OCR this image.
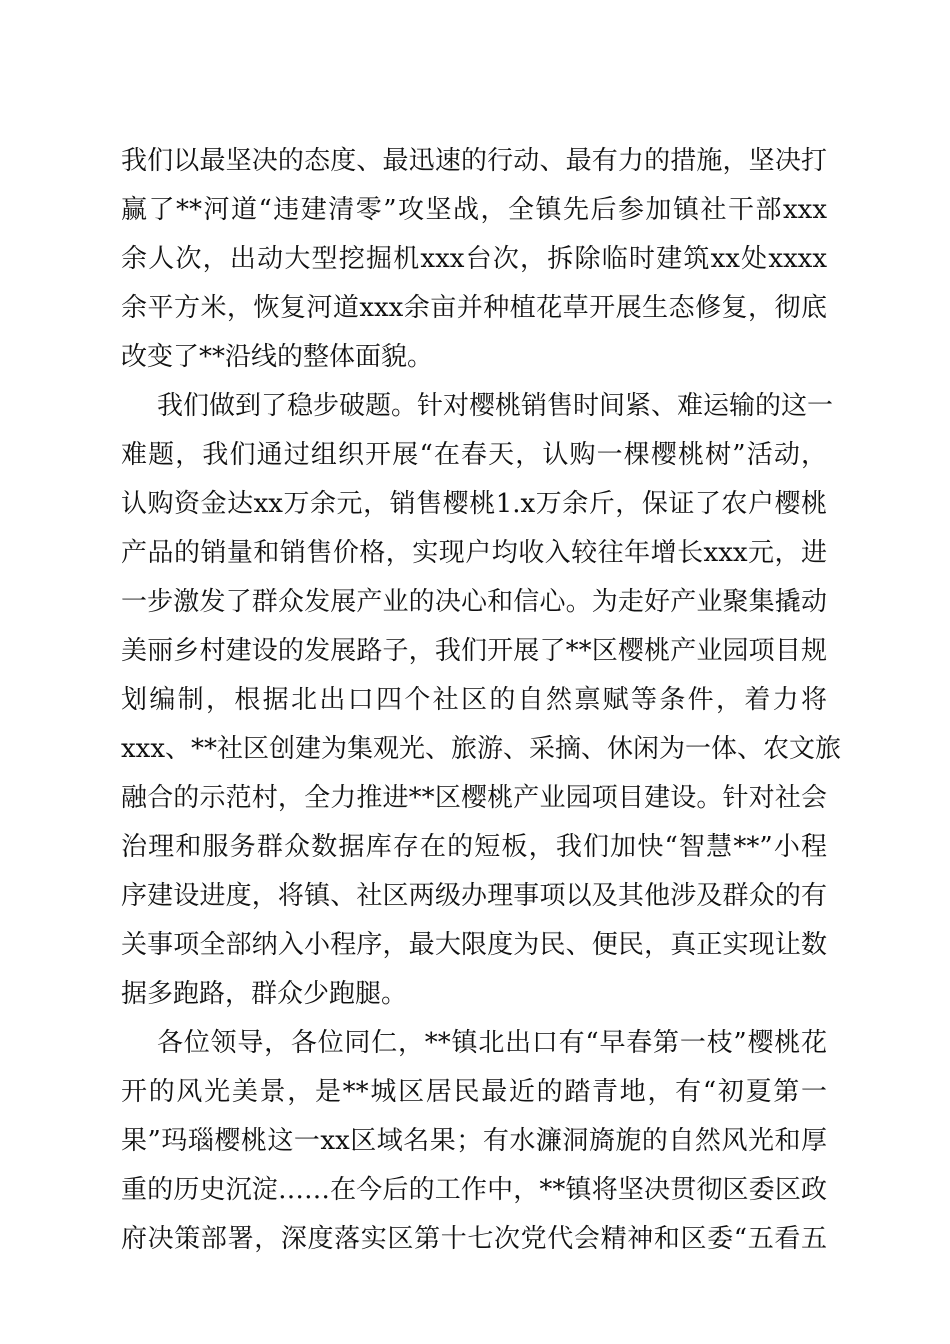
我们以最坚决的态度、最迅速的行动、最有力的措施，坚决打
赢了**河道“违建清零”攻坚战，全镇先后参加镇社干部xxx
余人次，出动大型挖掘机xxx台次，拆除临时建筑xx处xxxx
余平方米，恢复河道xxx余亩并种植花草开展生态修复，彻底
改变了**沿线的整体面貌。
我们做到了稳步破题。针对樱桃销售时间紧、难运输的这一
难题，我们通过组织开展“在春天，认购一棵樱桃树”活动，
认购资金达xx万余元，销售樱桃1.x万余斤，保证了农户樱桃
产品的销量和销售价格，实现户均收入较往年增长xxx元，进
一步激发了群众发展产业的决心和信心。为走好产业聚集撬动
美丽乡村建设的发展路子，我们开展了**区樱桃产业园项目规
划编制，根据北出口四个社区的自然禀赋等条件，着力将
xxx、**社区创建为集观光、旅游、采摘、休闲为一体、农文旅
融合的示范村，全力推进**区樱桃产业园项目建设。针对社会
治理和服务群众数据库存在的短板，我们加快“智慧**”小程
序建设进度，将镇、社区两级办理事项以及其他涉及群众的有
关事项全部纳入小程序，最大限度为民、便民，真正实现让数
据多跑路，群众少跑腿。
各位领导，各位同仁，**镇北出口有“早春第一枝”樱桃花
开的风光美景，是**城区居民最近的踏青地，有“初夏第一
果”玛瑙樱桃这一xx区域名果；有水濂洞旖旎的自然风光和厚
重的历史沉淀……在今后的工作中，**镇将坚决贯彻区委区政
府决策部署，深度落实区第十七次党代会精神和区委“五看五
